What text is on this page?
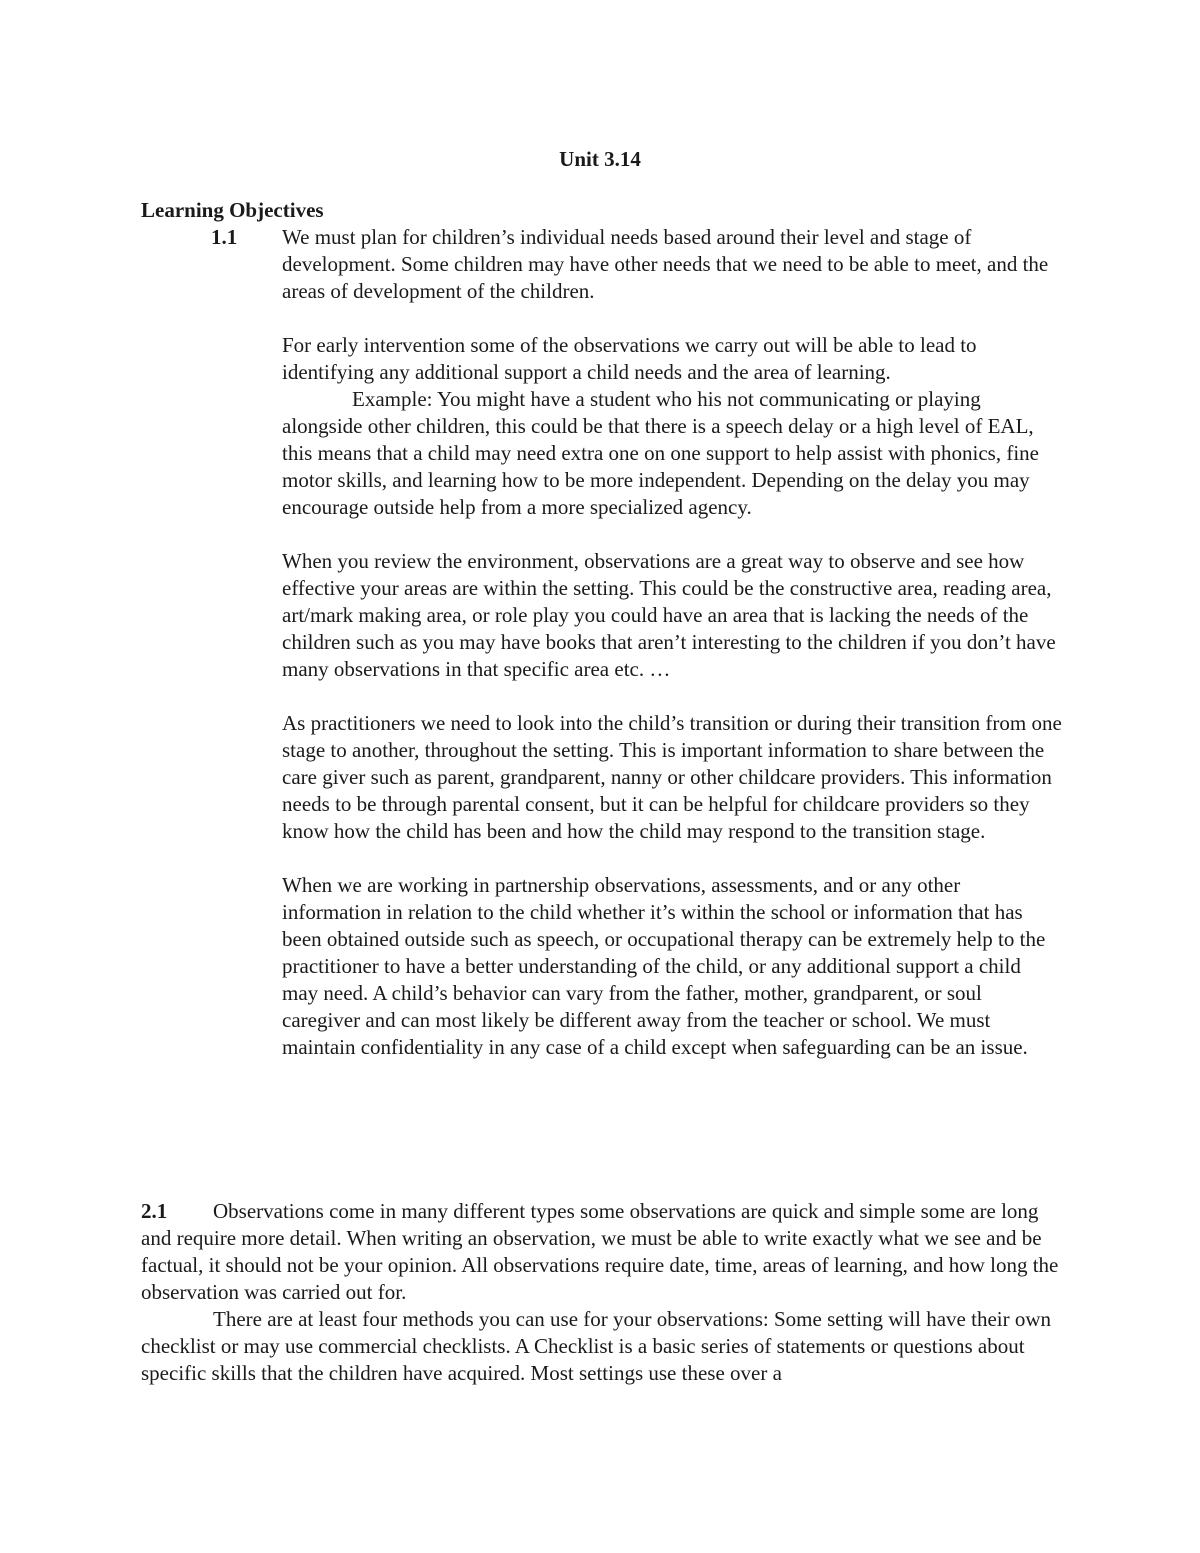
Unit 3.14
Learning Objectives
1.1 We must plan for children’s individual needs based around their level and stage of development. Some children may have other needs that we need to be able to meet, and the areas of development of the children.

For early intervention some of the observations we carry out will be able to lead to identifying any additional support a child needs and the area of learning.

Example: You might have a student who his not communicating or playing alongside other children, this could be that there is a speech delay or a high level of EAL, this means that a child may need extra one on one support to help assist with phonics, fine motor skills, and learning how to be more independent. Depending on the delay you may encourage outside help from a more specialized agency.

When you review the environment, observations are a great way to observe and see how effective your areas are within the setting. This could be the constructive area, reading area, art/mark making area, or role play you could have an area that is lacking the needs of the children such as you may have books that aren’t interesting to the children if you don’t have many observations in that specific area etc. …

As practitioners we need to look into the child’s transition or during their transition from one stage to another, throughout the setting. This is important information to share between the care giver such as parent, grandparent, nanny or other childcare providers. This information needs to be through parental consent, but it can be helpful for childcare providers so they know how the child has been and how the child may respond to the transition stage.

When we are working in partnership observations, assessments, and or any other information in relation to the child whether it’s within the school or information that has been obtained outside such as speech, or occupational therapy can be extremely help to the practitioner to have a better understanding of the child, or any additional support a child may need. A child’s behavior can vary from the father, mother, grandparent, or soul caregiver and can most likely be different away from the teacher or school. We must maintain confidentiality in any case of a child except when safeguarding can be an issue.

2.1 Observations come in many different types some observations are quick and simple some are long and require more detail. When writing an observation, we must be able to write exactly what we see and be factual, it should not be your opinion. All observations require date, time, areas of learning, and how long the observation was carried out for.

There are at least four methods you can use for your observations: Some setting will have their own checklist or may use commercial checklists. A Checklist is a basic series of statements or questions about specific skills that the children have acquired. Most settings use these over a
